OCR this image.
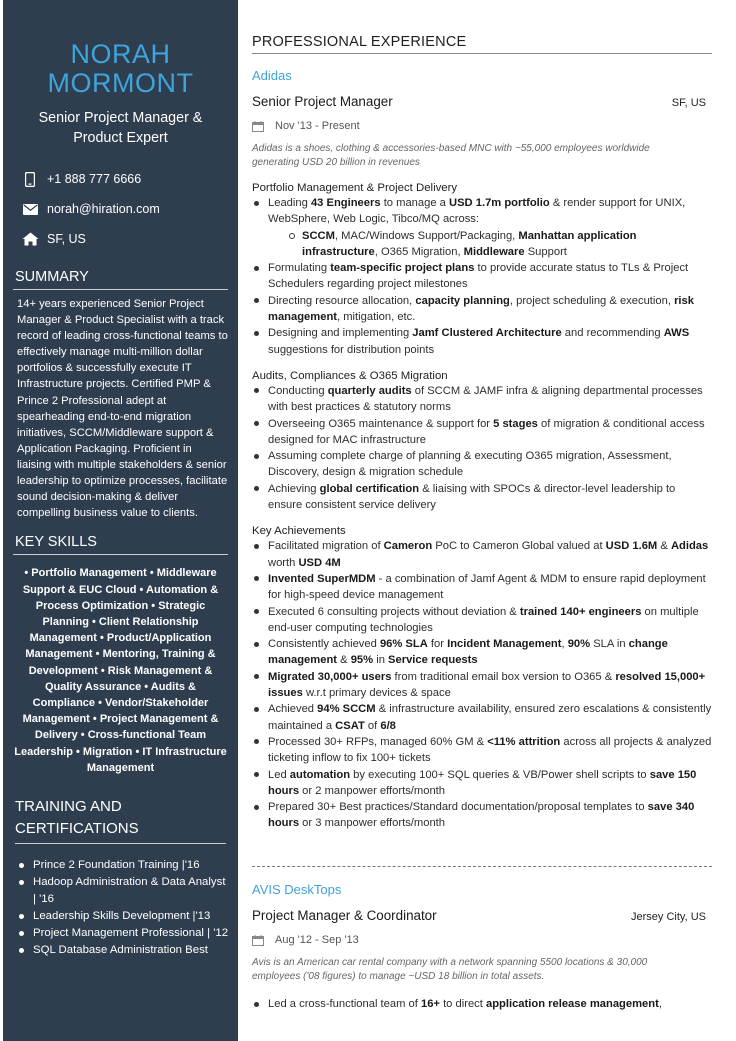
NORAH
MORMONT
Senior Project Manager & Product Expert
+1 888 777 6666
norah@hiration.com
SF, US
SUMMARY

14+ years experienced Senior Project Manager & Product Specialist with a track record of leading cross-functional teams to effectively manage multi-million dollar portfolios & successfully execute IT Infrastructure projects. Certified PMP & Prince 2 Professional adept at spearheading end-to-end migration initiatives, SCCM/Middleware support & Application Packaging. Proficient in liaising with multiple stakeholders & senior leadership to optimize processes, facilitate sound decision-making & deliver compelling business value to clients.

KEY SKILLS
• Portfolio Management • Middleware Support & EUC Cloud • Automation & Process Optimization • Strategic Planning • Client Relationship Management • Product/Application Management • Mentoring, Training & Development • Risk Management & Quality Assurance • Audits & Compliance • Vendor/Stakeholder Management • Project Management & Delivery • Cross-functional Team Leadership • Migration • IT Infrastructure Management
TRAINING AND
CERTIFICATIONS
Prince 2 Foundation Training |'16
Hadoop Administration & Data Analyst | '16
Leadership Skills Development |'13
Project Management Professional | '12
SQL Database Administration Best
PROFESSIONAL EXPERIENCE
Adidas
Senior Project Manager	SF, US
Nov '13 - Present
Adidas is a shoes, clothing & accessories-based MNC with ~55,000 employees worldwide generating USD 20 billion in revenues
Portfolio Management & Project Delivery
Leading 43 Engineers to manage a USD 1.7m portfolio & render support for UNIX, WebSphere, Web Logic, Tibco/MQ across:
SCCM, MAC/Windows Support/Packaging, Manhattan application infrastructure, O365 Migration, Middleware Support
Formulating team-specific project plans to provide accurate status to TLs & Project Schedulers regarding project milestones
Directing resource allocation, capacity planning, project scheduling & execution, risk management, mitigation, etc.
Designing and implementing Jamf Clustered Architecture and recommending AWS suggestions for distribution points
Audits, Compliances & O365 Migration
Conducting quarterly audits of SCCM & JAMF infra & aligning departmental processes with best practices & statutory norms
Overseeing O365 maintenance & support for 5 stages of migration & conditional access designed for MAC infrastructure
Assuming complete charge of planning & executing O365 migration, Assessment, Discovery, design & migration schedule
Achieving global certification & liaising with SPOCs & director-level leadership to ensure consistent service delivery
Key Achievements
Facilitated migration of Cameron PoC to Cameron Global valued at USD 1.6M & Adidas worth USD 4M
Invented SuperMDM - a combination of Jamf Agent & MDM to ensure rapid deployment for high-speed device management
Executed 6 consulting projects without deviation & trained 140+ engineers on multiple end-user computing technologies
Consistently achieved 96% SLA for Incident Management, 90% SLA in change management & 95% in Service requests
Migrated 30,000+ users from traditional email box version to O365 & resolved 15,000+ issues w.r.t primary devices & space
Achieved 94% SCCM & infrastructure availability, ensured zero escalations & consistently maintained a CSAT of 6/8
Processed 30+ RFPs, managed 60% GM & <11% attrition across all projects & analyzed ticketing inflow to fix 100+ tickets
Led automation by executing 100+ SQL queries & VB/Power shell scripts to save 150 hours or 2 manpower efforts/month
Prepared 30+ Best practices/Standard documentation/proposal templates to save 340 hours or 3 manpower efforts/month
AVIS DeskTops
Project Manager & Coordinator	Jersey City, US
Aug '12 - Sep '13
Avis is an American car rental company with a network spanning 5500 locations & 30,000 employees ('08 figures) to manage ~USD 18 billion in total assets.
Led a cross-functional team of 16+ to direct application release management,
